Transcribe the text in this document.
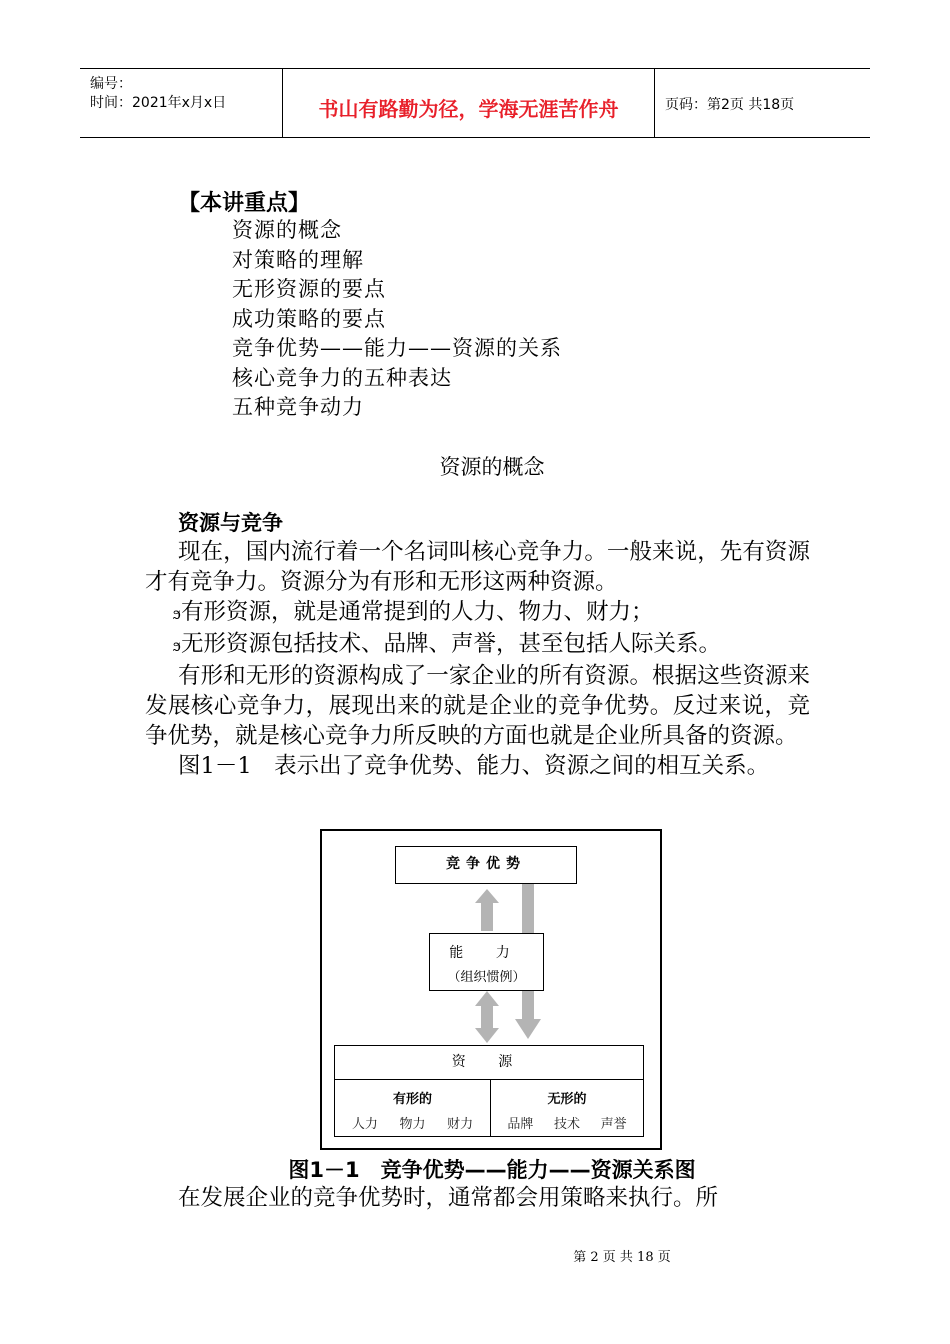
编号：
时间：2021年x月x日	书山有路勤为径，学海无涯苦作舟	页码：第2页 共18页
【本讲重点】
资源的概念
对策略的理解
无形资源的要点
成功策略的要点
竞争优势——能力——资源的关系
核心竞争力的五种表达
五种竞争动力
资源的概念
资源与竞争

现在，国内流行着一个名词叫核心竞争力。一般来说，先有资源才有竞争力。资源分为有形和无形这两种资源。

ϧ有形资源，就是通常提到的人力、物力、财力；

ϧ无形资源包括技术、品牌、声誉，甚至包括人际关系。

有形和无形的资源构成了一家企业的所有资源。根据这些资源来发展核心竞争力，展现出来的就是企业的竞争优势。反过来说，竞争优势，就是核心竞争力所反映的方面也就是企业所具备的资源。

图1－1　表示出了竞争优势、能力、资源之间的相互关系。

竞争优势
能 力
（组织惯例）
资 源
有形的
人力 物力 财力
无形的
品牌 技术 声誉
图1－1　竞争优势——能力——资源关系图

在发展企业的竞争优势时，通常都会用策略来执行。所

第 2 页 共 18 页
